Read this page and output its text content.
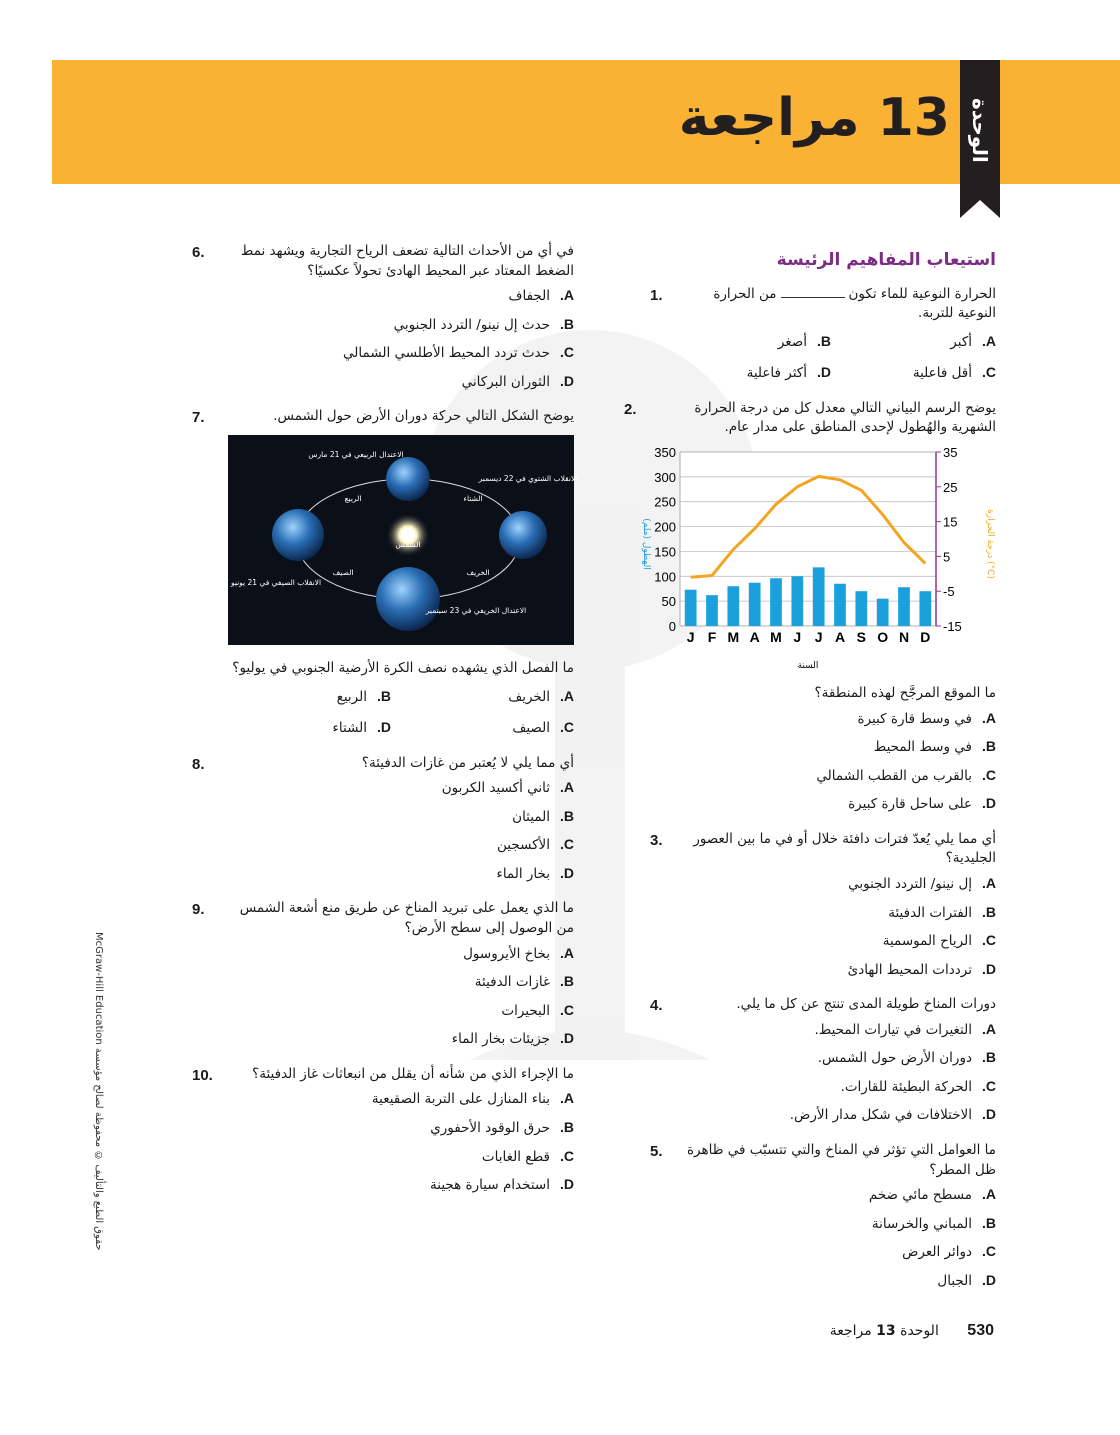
13 مراجعة الوحدة
استيعاب المفاهيم الرئيسة
الحرارة النوعية للماء تكونمن الحرارة النوعية للتربة.
A.
أكبر
B.
أصغر
C.
أقل فاعلية
D.
أكثر فاعلية
1.
يوضح الرسم البياني التالي معدل كل من درجة الحرارة الشهرية والهُطول لإحدى المناطق على مدار عام.
0
50
100
150
200
250
300
350
-15
-5
5
15
25
35
J F M A M J J A S O N D
السنة
الهطول (ملم)	درجة الحرارة (°C)
ما الموقع المرجَّح لهذه المنطقة؟
A.
في وسط قارة كبيرة
B.
في وسط المحيط
C.
بالقرب من القطب الشمالي
D.
على ساحل قارة كبيرة
2.
أي مما يلي يُعدّ فترات دافئة خلال أو في ما بين العصور الجليدية؟
A.
إل نينو/ التردد الجنوبي
B.
الفترات الدفيئة
C.
الرياح الموسمية
D.
ترددات المحيط الهادئ
3.
دورات المناخ طويلة المدى تنتج عن كل ما يلي.
A.
التغيرات في تيارات المحيط.
B.
دوران الأرض حول الشمس.
C.
الحركة البطيئة للقارات.
D.
الاختلافات في شكل مدار الأرض.
4.
ما العوامل التي تؤثر في المناخ والتي تتسبّب في ظاهرة ظل المطر؟
A.
مسطح مائي ضخم
B.
المباني والخرسانة
C.
دوائر العرض
D.
الجبال
5.
في أي من الأحداث التالية تضعف الرياح التجارية ويشهد نمط الضغط المعتاد عبر المحيط الهادئ تحولاً عكسيًا؟
A.
الجفاف
B.
حدث إل نينو/ التردد الجنوبي
C.
حدث تردد المحيط الأطلسي الشمالي
D.
الثوران البركاني
6.
يوضح الشكل التالي حركة دوران الأرض حول الشمس.
الاعتدال الربيعي في 21 مارس
الانقلاب الشتوي في 22 ديسمبر
الانقلاب الصيفي في 21 يونيو
الاعتدال الخريفي في 23 سبتمبر
الشمس
الربيع	الشتاء
الصيف	الخريف
ما الفصل الذي يشهده نصف الكرة الأرضية الجنوبي في يوليو؟
A.
الخريف
B.
الربيع
C.
الصيف
D.
الشتاء
7.
أي مما يلي لا يُعتبر من غازات الدفيئة؟
A.
ثاني أكسيد الكربون
B.
الميثان
C.
الأكسجين
D.
بخار الماء
8.
ما الذي يعمل على تبريد المناخ عن طريق منع أشعة الشمس من الوصول إلى سطح الأرض؟
A.
بخاخ الأيروسول
B.
غازات الدفيئة
C.
البحيرات
D.
جزيئات بخار الماء
9.
ما الإجراء الذي من شأنه أن يقلل من انبعاثات غاز الدفيئة؟
A.
بناء المنازل على التربة الصقيعية
B.
حرق الوقود الأحفوري
C.
قطع الغابات
D.
استخدام سيارة هجينة
10.
حقوق الطبع والتأليف © محفوظة لصالح مؤسسة McGraw-Hill Education
530 الوحدة 13 مراجعة
